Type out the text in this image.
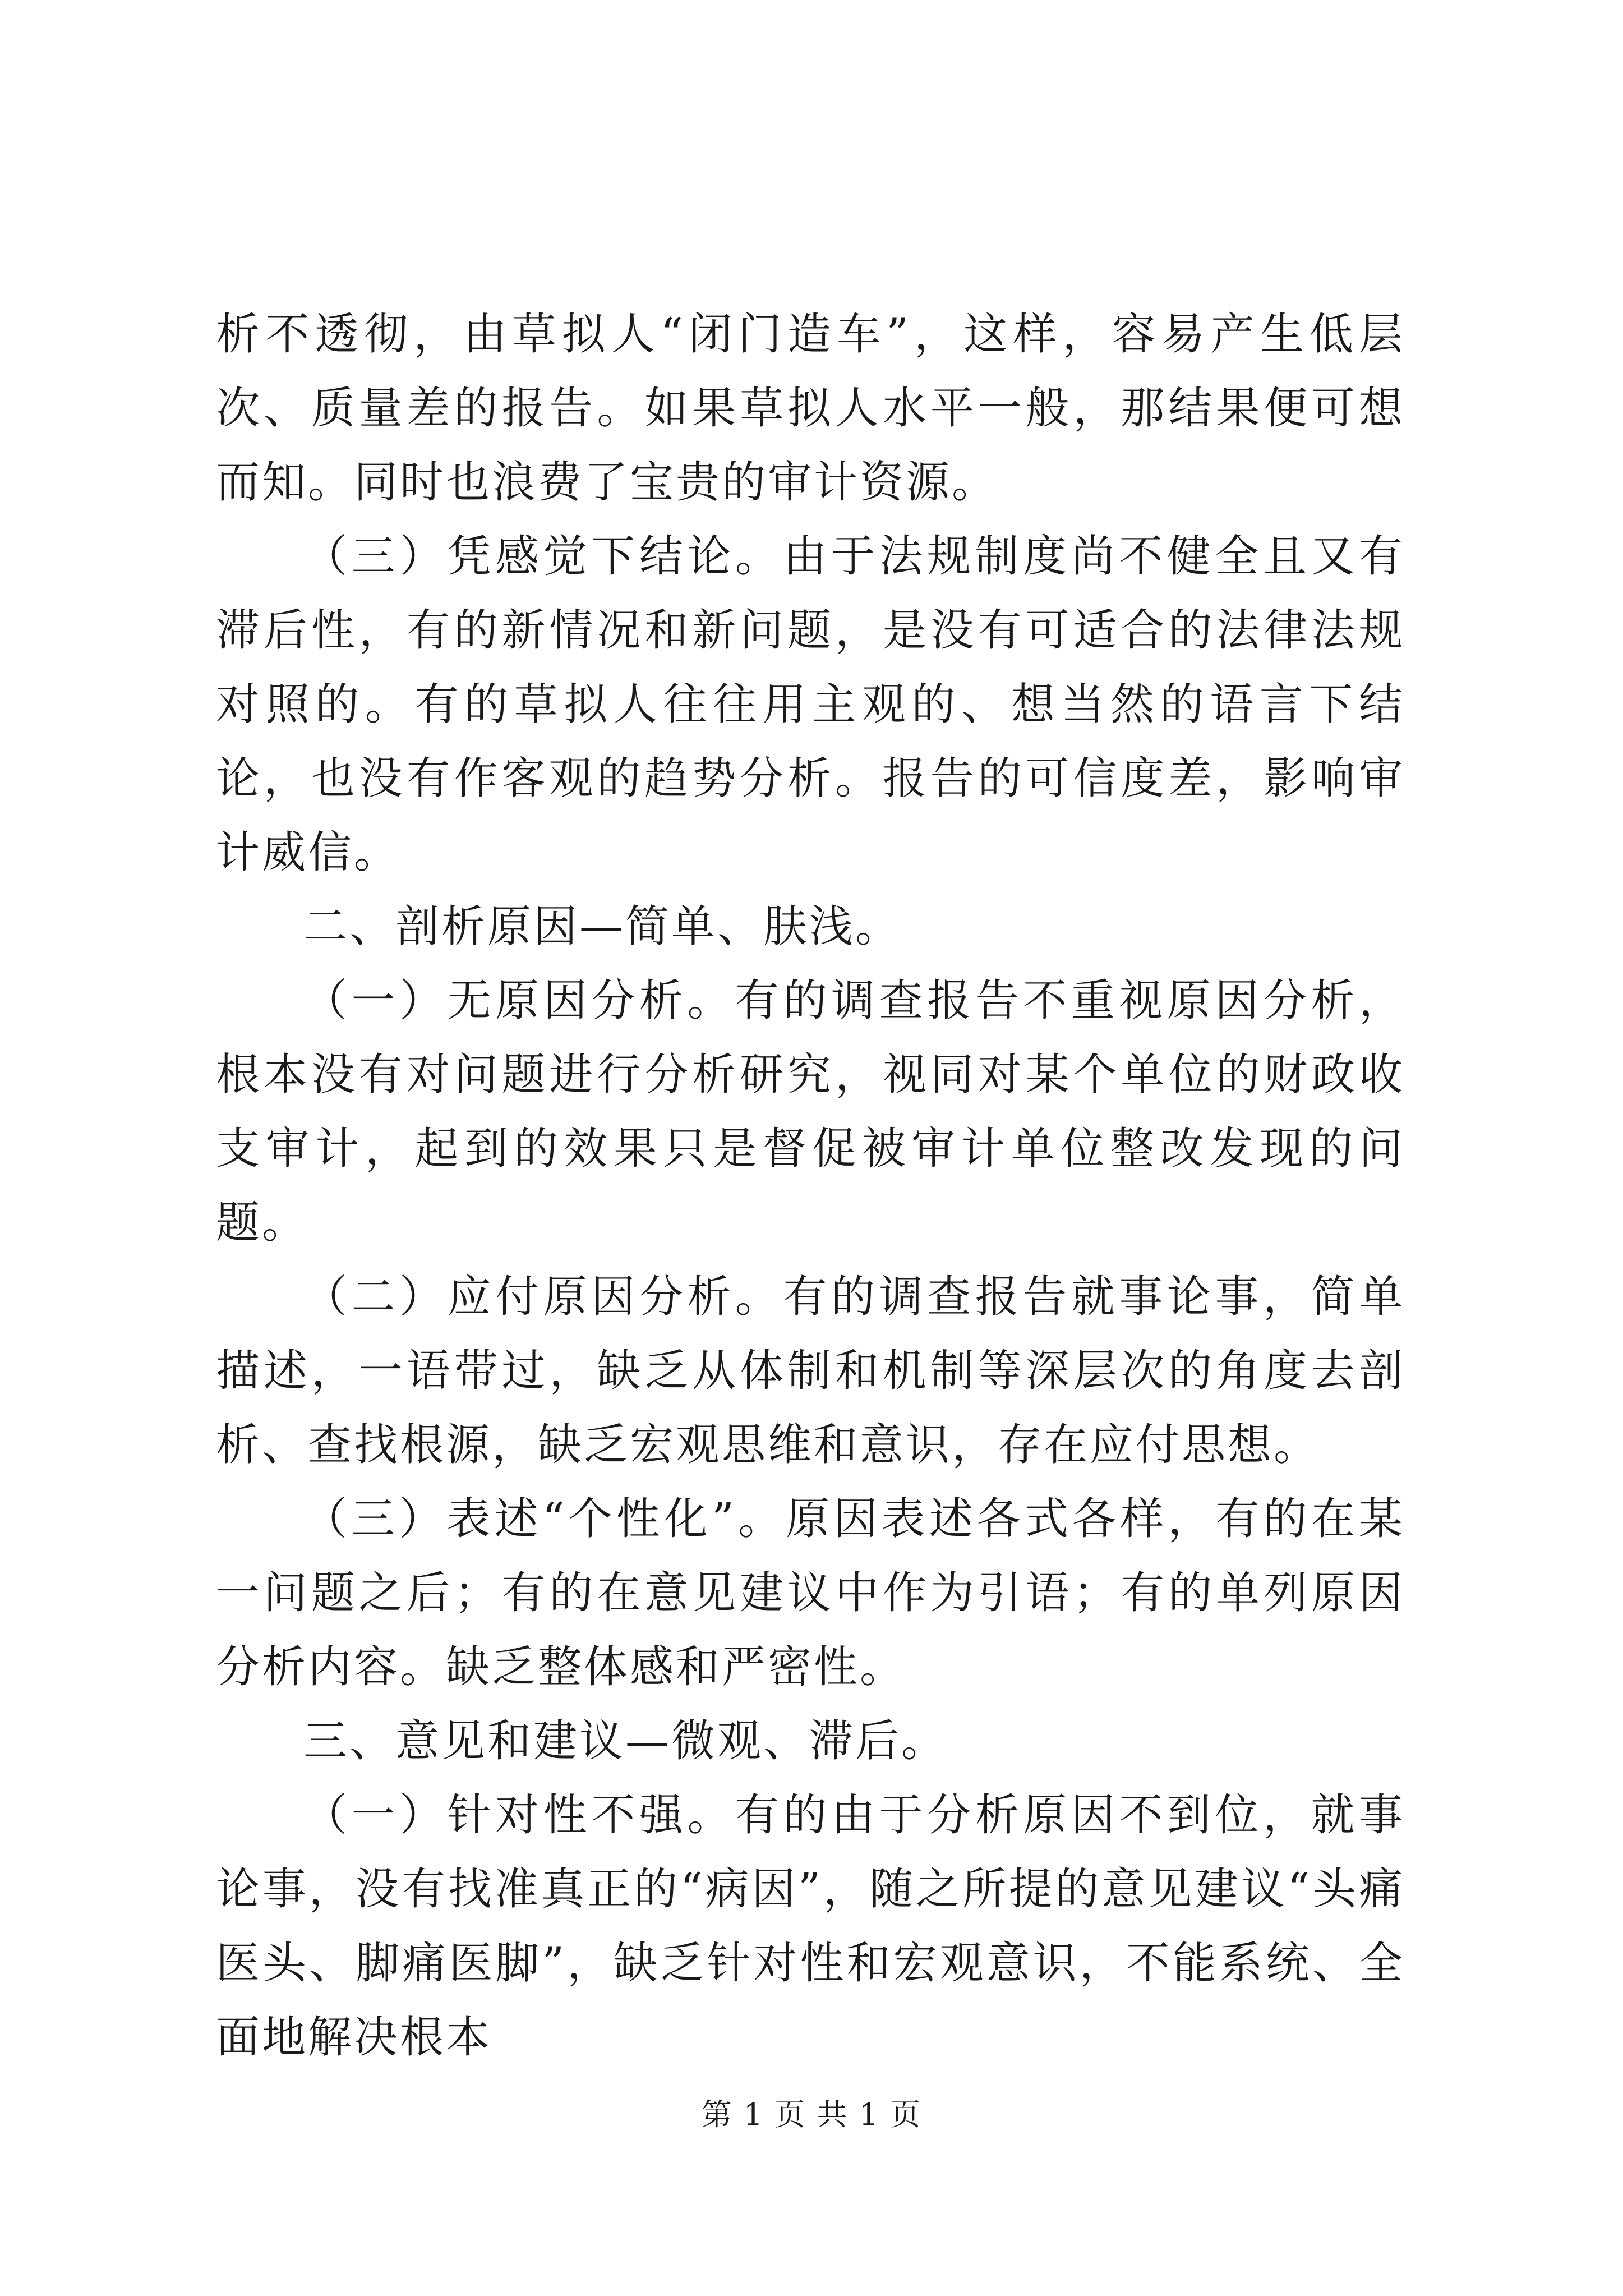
析不透彻，由草拟人“闭门造车”，这样，容易产生低层次、质量差的报告。如果草拟人水平一般，那结果便可想而知。同时也浪费了宝贵的审计资源。

（三）凭感觉下结论。由于法规制度尚不健全且又有滞后性，有的新情况和新问题，是没有可适合的法律法规对照的。有的草拟人往往用主观的、想当然的语言下结论，也没有作客观的趋势分析。报告的可信度差，影响审计威信。

二、剖析原因—简单、肤浅。

（一）无原因分析。有的调查报告不重视原因分析，根本没有对问题进行分析研究，视同对某个单位的财政收支审计，起到的效果只是督促被审计单位整改发现的问题。

（二）应付原因分析。有的调查报告就事论事，简单描述，一语带过，缺乏从体制和机制等深层次的角度去剖析、查找根源，缺乏宏观思维和意识，存在应付思想。

（三）表述“个性化”。原因表述各式各样，有的在某一问题之后；有的在意见建议中作为引语；有的单列原因分析内容。缺乏整体感和严密性。

三、意见和建议—微观、滞后。

（一）针对性不强。有的由于分析原因不到位，就事论事，没有找准真正的“病因”，随之所提的意见建议“头痛医头、脚痛医脚”，缺乏针对性和宏观意识，不能系统、全面地解决根本

第 1 页 共 1 页
